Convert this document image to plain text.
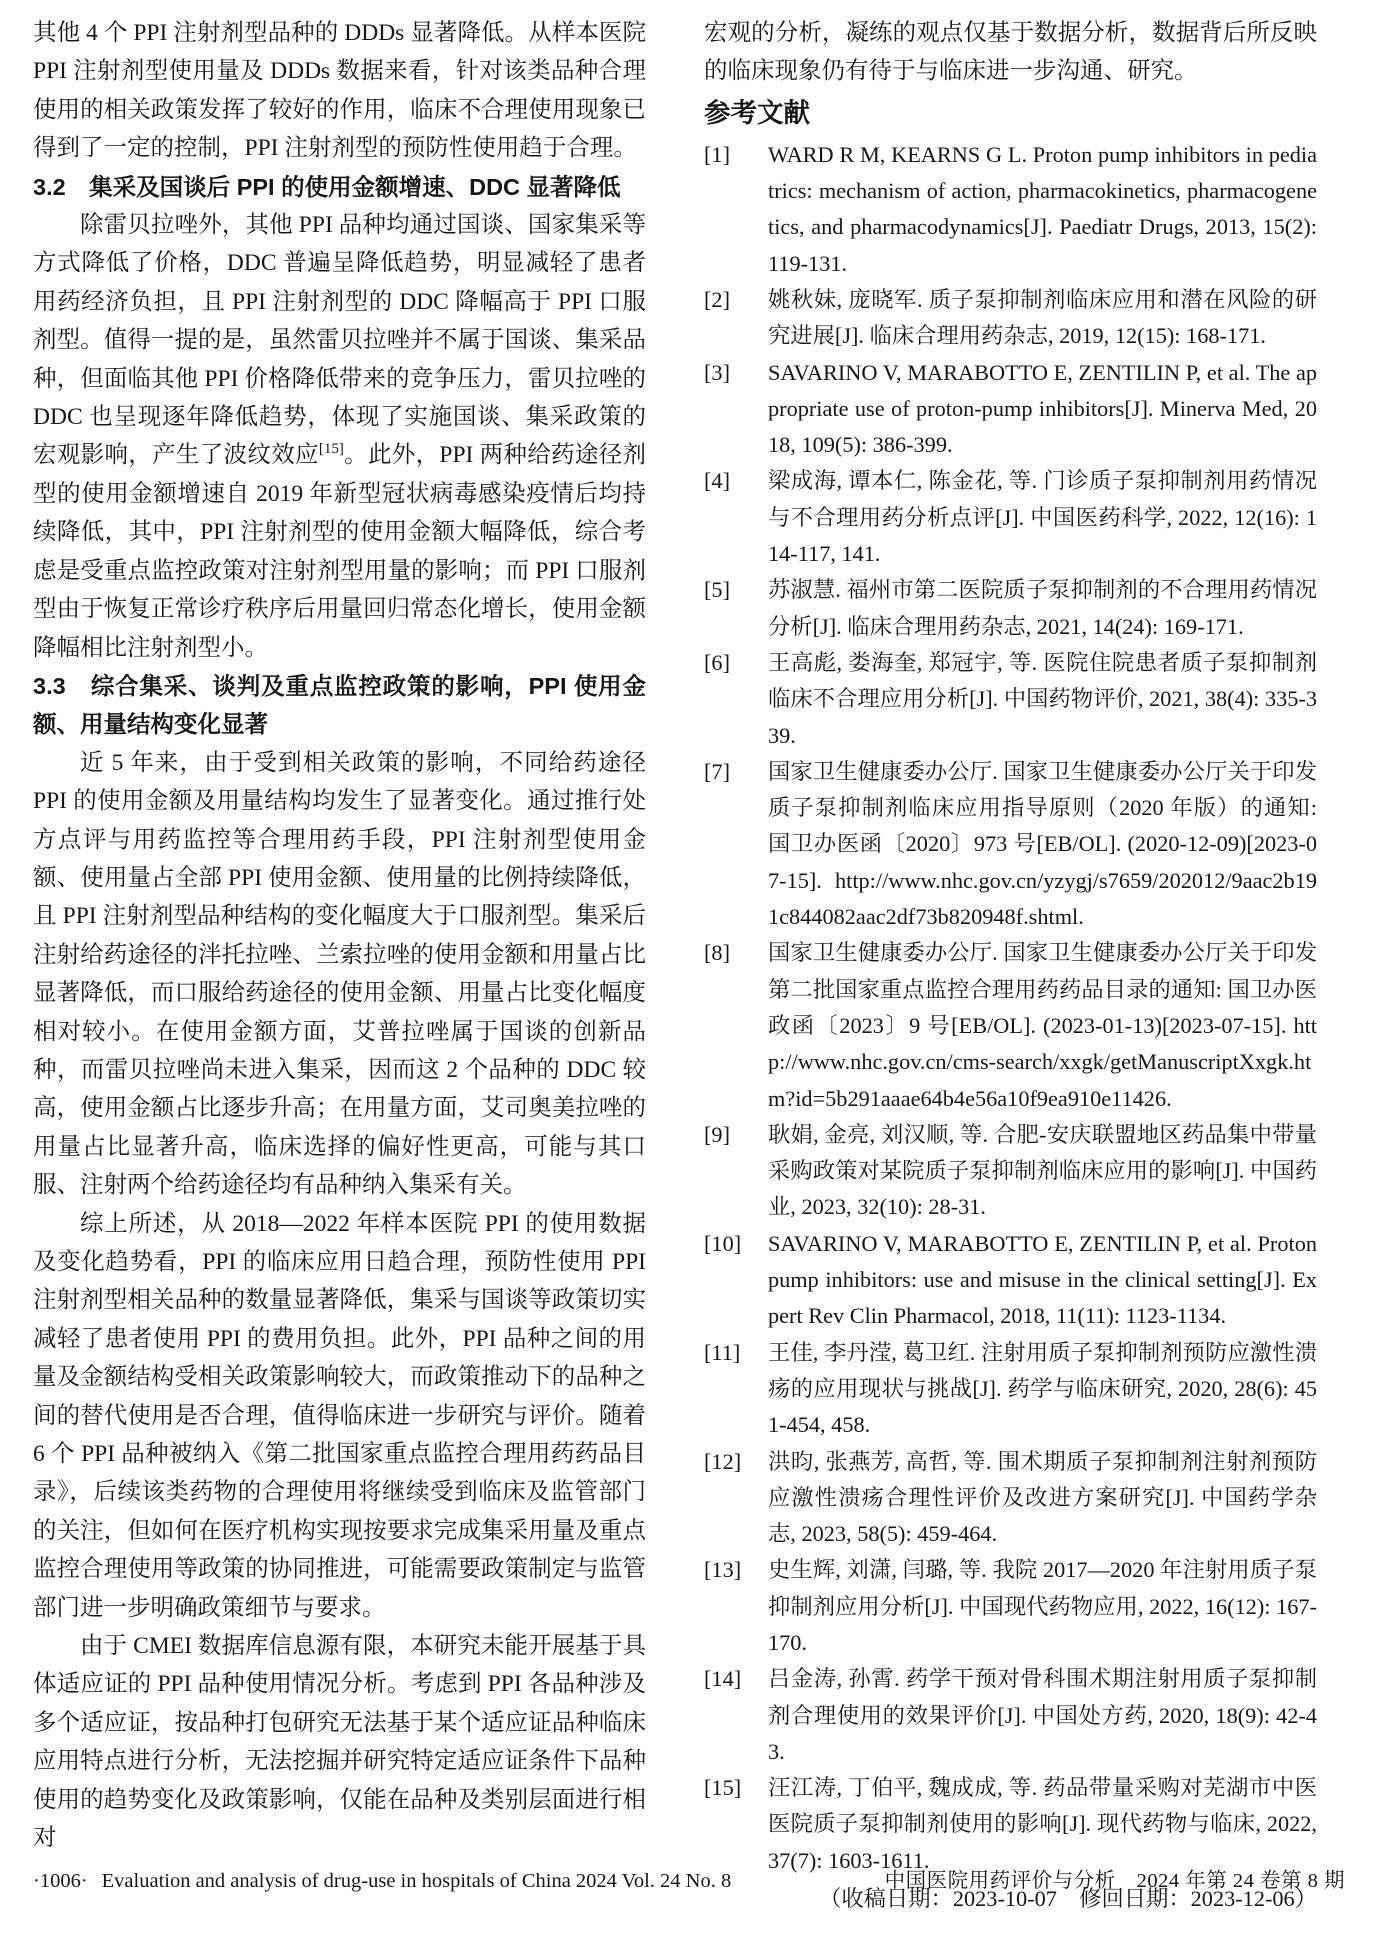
其他 4 个 PPI 注射剂型品种的 DDDs 显著降低。从样本医院 PPI 注射剂型使用量及 DDDs 数据来看，针对该类品种合理使用的相关政策发挥了较好的作用，临床不合理使用现象已得到了一定的控制，PPI 注射剂型的预防性使用趋于合理。

3.2　集采及国谈后 PPI 的使用金额增速、DDC 显著降低

除雷贝拉唑外，其他 PPI 品种均通过国谈、国家集采等方式降低了价格，DDC 普遍呈降低趋势，明显减轻了患者用药经济负担，且 PPI 注射剂型的 DDC 降幅高于 PPI 口服剂型。值得一提的是，虽然雷贝拉唑并不属于国谈、集采品种，但面临其他 PPI 价格降低带来的竞争压力，雷贝拉唑的 DDC 也呈现逐年降低趋势，体现了实施国谈、集采政策的宏观影响，产生了波纹效应[15]。此外，PPI 两种给药途径剂型的使用金额增速自 2019 年新型冠状病毒感染疫情后均持续降低，其中，PPI 注射剂型的使用金额大幅降低，综合考虑是受重点监控政策对注射剂型用量的影响；而 PPI 口服剂型由于恢复正常诊疗秩序后用量回归常态化增长，使用金额降幅相比注射剂型小。

3.3　综合集采、谈判及重点监控政策的影响，PPI 使用金额、用量结构变化显著

近 5 年来，由于受到相关政策的影响，不同给药途径 PPI 的使用金额及用量结构均发生了显著变化。通过推行处方点评与用药监控等合理用药手段，PPI 注射剂型使用金额、使用量占全部 PPI 使用金额、使用量的比例持续降低，且 PPI 注射剂型品种结构的变化幅度大于口服剂型。集采后注射给药途径的泮托拉唑、兰索拉唑的使用金额和用量占比显著降低，而口服给药途径的使用金额、用量占比变化幅度相对较小。在使用金额方面，艾普拉唑属于国谈的创新品种，而雷贝拉唑尚未进入集采，因而这 2 个品种的 DDC 较高，使用金额占比逐步升高；在用量方面，艾司奥美拉唑的用量占比显著升高，临床选择的偏好性更高，可能与其口服、注射两个给药途径均有品种纳入集采有关。

综上所述，从 2018—2022 年样本医院 PPI 的使用数据及变化趋势看，PPI 的临床应用日趋合理，预防性使用 PPI 注射剂型相关品种的数量显著降低，集采与国谈等政策切实减轻了患者使用 PPI 的费用负担。此外，PPI 品种之间的用量及金额结构受相关政策影响较大，而政策推动下的品种之间的替代使用是否合理，值得临床进一步研究与评价。随着 6 个 PPI 品种被纳入《第二批国家重点监控合理用药药品目录》，后续该类药物的合理使用将继续受到临床及监管部门的关注，但如何在医疗机构实现按要求完成集采用量及重点监控合理使用等政策的协同推进，可能需要政策制定与监管部门进一步明确政策细节与要求。

由于 CMEI 数据库信息源有限，本研究未能开展基于具体适应证的 PPI 品种使用情况分析。考虑到 PPI 各品种涉及多个适应证，按品种打包研究无法基于某个适应证品种临床应用特点进行分析，无法挖掘并研究特定适应证条件下品种使用的趋势变化及政策影响，仅能在品种及类别层面进行相对

宏观的分析，凝练的观点仅基于数据分析，数据背后所反映的临床现象仍有待于与临床进一步沟通、研究。

参考文献
[1]	WARD R M, KEARNS G L. Proton pump inhibitors in pediatrics: mechanism of action, pharmacokinetics, pharmacogenetics, and pharmacodynamics[J]. Paediatr Drugs, 2013, 15(2): 119-131.
[2]	姚秋妹, 庞晓军. 质子泵抑制剂临床应用和潜在风险的研究进展[J]. 临床合理用药杂志, 2019, 12(15): 168-171.
[3]	SAVARINO V, MARABOTTO E, ZENTILIN P, et al. The appropriate use of proton-pump inhibitors[J]. Minerva Med, 2018, 109(5): 386-399.
[4]	梁成海, 谭本仁, 陈金花, 等. 门诊质子泵抑制剂用药情况与不合理用药分析点评[J]. 中国医药科学, 2022, 12(16): 114-117, 141.
[5]	苏淑慧. 福州市第二医院质子泵抑制剂的不合理用药情况分析[J]. 临床合理用药杂志, 2021, 14(24): 169-171.
[6]	王高彪, 娄海奎, 郑冠宇, 等. 医院住院患者质子泵抑制剂临床不合理应用分析[J]. 中国药物评价, 2021, 38(4): 335-339.
[7]	国家卫生健康委办公厅. 国家卫生健康委办公厅关于印发质子泵抑制剂临床应用指导原则（2020 年版）的通知: 国卫办医函〔2020〕973 号[EB/OL]. (2020-12-09)[2023-07-15]. http://www.nhc.gov.cn/yzygj/s7659/202012/9aac2b191c844082aac2df73b820948f.shtml.
[8]	国家卫生健康委办公厅. 国家卫生健康委办公厅关于印发第二批国家重点监控合理用药药品目录的通知: 国卫办医政函〔2023〕9 号[EB/OL]. (2023-01-13)[2023-07-15]. http://www.nhc.gov.cn/cms-search/xxgk/getManuscriptXxgk.htm?id=5b291aaae64b4e56a10f9ea910e11426.
[9]	耿娟, 金亮, 刘汉顺, 等. 合肥-安庆联盟地区药品集中带量采购政策对某院质子泵抑制剂临床应用的影响[J]. 中国药业, 2023, 32(10): 28-31.
[10]	SAVARINO V, MARABOTTO E, ZENTILIN P, et al. Proton pump inhibitors: use and misuse in the clinical setting[J]. Expert Rev Clin Pharmacol, 2018, 11(11): 1123-1134.
[11]	王佳, 李丹滢, 葛卫红. 注射用质子泵抑制剂预防应激性溃疡的应用现状与挑战[J]. 药学与临床研究, 2020, 28(6): 451-454, 458.
[12]	洪昀, 张燕芳, 高哲, 等. 围术期质子泵抑制剂注射剂预防应激性溃疡合理性评价及改进方案研究[J]. 中国药学杂志, 2023, 58(5): 459-464.
[13]	史生辉, 刘潇, 闫璐, 等. 我院 2017—2020 年注射用质子泵抑制剂应用分析[J]. 中国现代药物应用, 2022, 16(12): 167-170.
[14]	吕金涛, 孙霄. 药学干预对骨科围术期注射用质子泵抑制剂合理使用的效果评价[J]. 中国处方药, 2020, 18(9): 42-43.
[15]	汪江涛, 丁伯平, 魏成成, 等. 药品带量采购对芜湖市中医医院质子泵抑制剂使用的影响[J]. 现代药物与临床, 2022, 37(7): 1603-1611.
（收稿日期：2023-10-07　修回日期：2023-12-06）
·1006· Evaluation and analysis of drug-use in hospitals of China 2024 Vol. 24 No. 8	中国医院用药评价与分析　2024 年第 24 卷第 8 期
